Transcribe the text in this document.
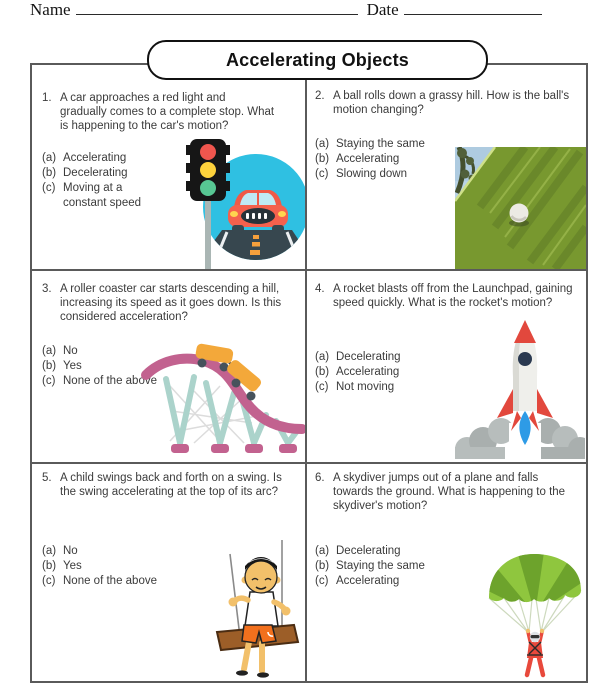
Name	Date
Accelerating Objects
1. A car approaches a red light and gradually comes to a complete stop. What is happening to the car's motion?
(a) Accelerating
(b) Decelerating
(c) Moving at a constant speed
2. A ball rolls down a grassy hill. How is the ball's motion changing?
(a) Staying the same
(b) Accelerating
(c) Slowing down
3. A roller coaster car starts descending a hill, increasing its speed as it goes down. Is this considered acceleration?
(a) No
(b) Yes
(c) None of the above
4. A rocket blasts off from the Launchpad, gaining speed quickly. What is the rocket's motion?
(a) Decelerating
(b) Accelerating
(c) Not moving
5. A child swings back and forth on a swing. Is the swing accelerating at the top of its arc?
(a) No
(b) Yes
(c) None of the above
6. A skydiver jumps out of a plane and falls towards the ground. What is happening to the skydiver's motion?
(a) Decelerating
(b) Staying the same
(c) Accelerating
